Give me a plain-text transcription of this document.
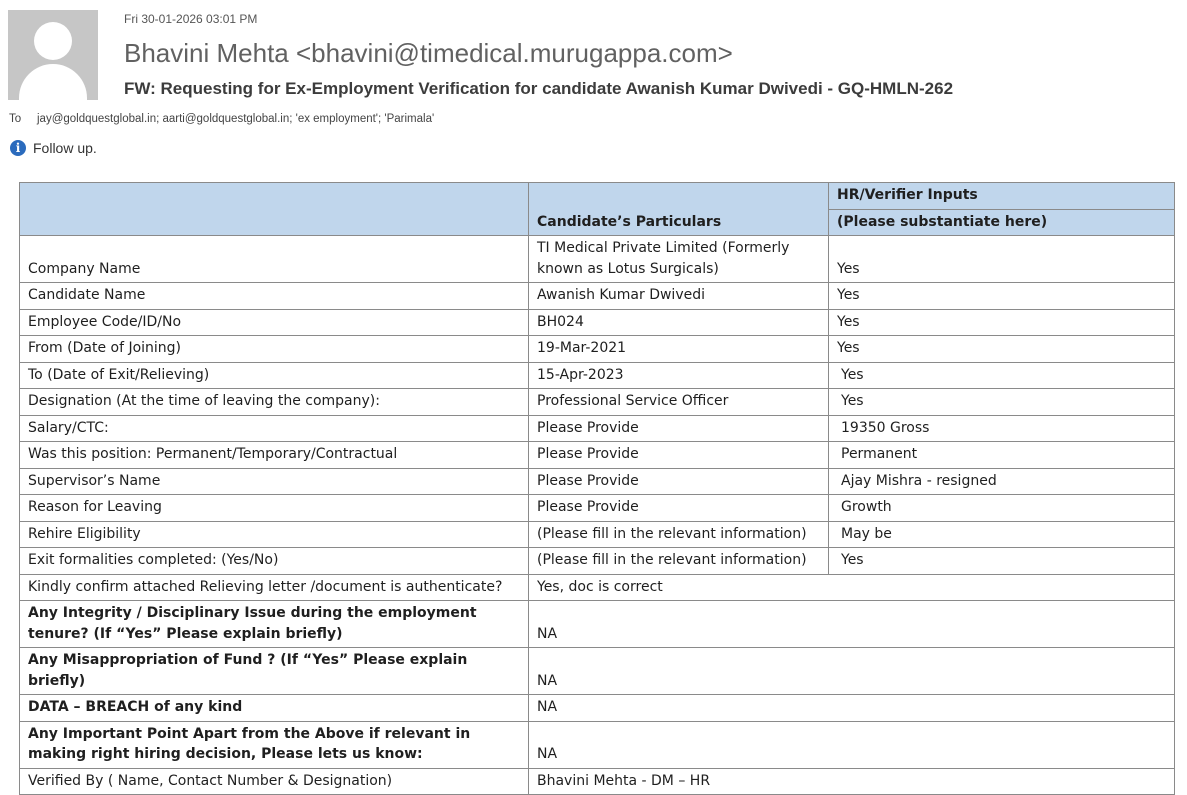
Fri 30-01-2026 03:01 PM
Bhavini Mehta <bhavini@timedical.murugappa.com>
FW: Requesting for Ex-Employment Verification for candidate Awanish Kumar Dwivedi - GQ-HMLN-262
To jay@goldquestglobal.in; aarti@goldquestglobal.in; 'ex employment'; 'Parimala'
i Follow up.
	Candidate’s Particulars	HR/Verifier Inputs
		(Please substantiate here)
Company Name	TI Medical Private Limited (Formerly known as Lotus Surgicals)	Yes
Candidate Name	Awanish Kumar Dwivedi	Yes
Employee Code/ID/No	BH024	Yes
From (Date of Joining)	19-Mar-2021	Yes
To (Date of Exit/Relieving)	15-Apr-2023	Yes
Designation (At the time of leaving the company):	Professional Service Officer	Yes
Salary/CTC:	Please Provide	19350 Gross
Was this position: Permanent/Temporary/Contractual	Please Provide	Permanent
Supervisor’s Name	Please Provide	Ajay Mishra - resigned
Reason for Leaving	Please Provide	Growth
Rehire Eligibility	(Please fill in the relevant information)	May be
Exit formalities completed: (Yes/No)	(Please fill in the relevant information)	Yes
Kindly confirm attached Relieving letter /document is authenticate?	Yes, doc is correct	
Any Integrity / Disciplinary Issue during the employment tenure? (If “Yes” Please explain briefly)	NA	
Any Misappropriation of Fund ? (If “Yes” Please explain briefly)	NA	
DATA – BREACH of any kind	NA	
Any Important Point Apart from the Above if relevant in making right hiring decision, Please lets us know:	NA	
Verified By ( Name, Contact Number & Designation)	Bhavini Mehta - DM – HR	
